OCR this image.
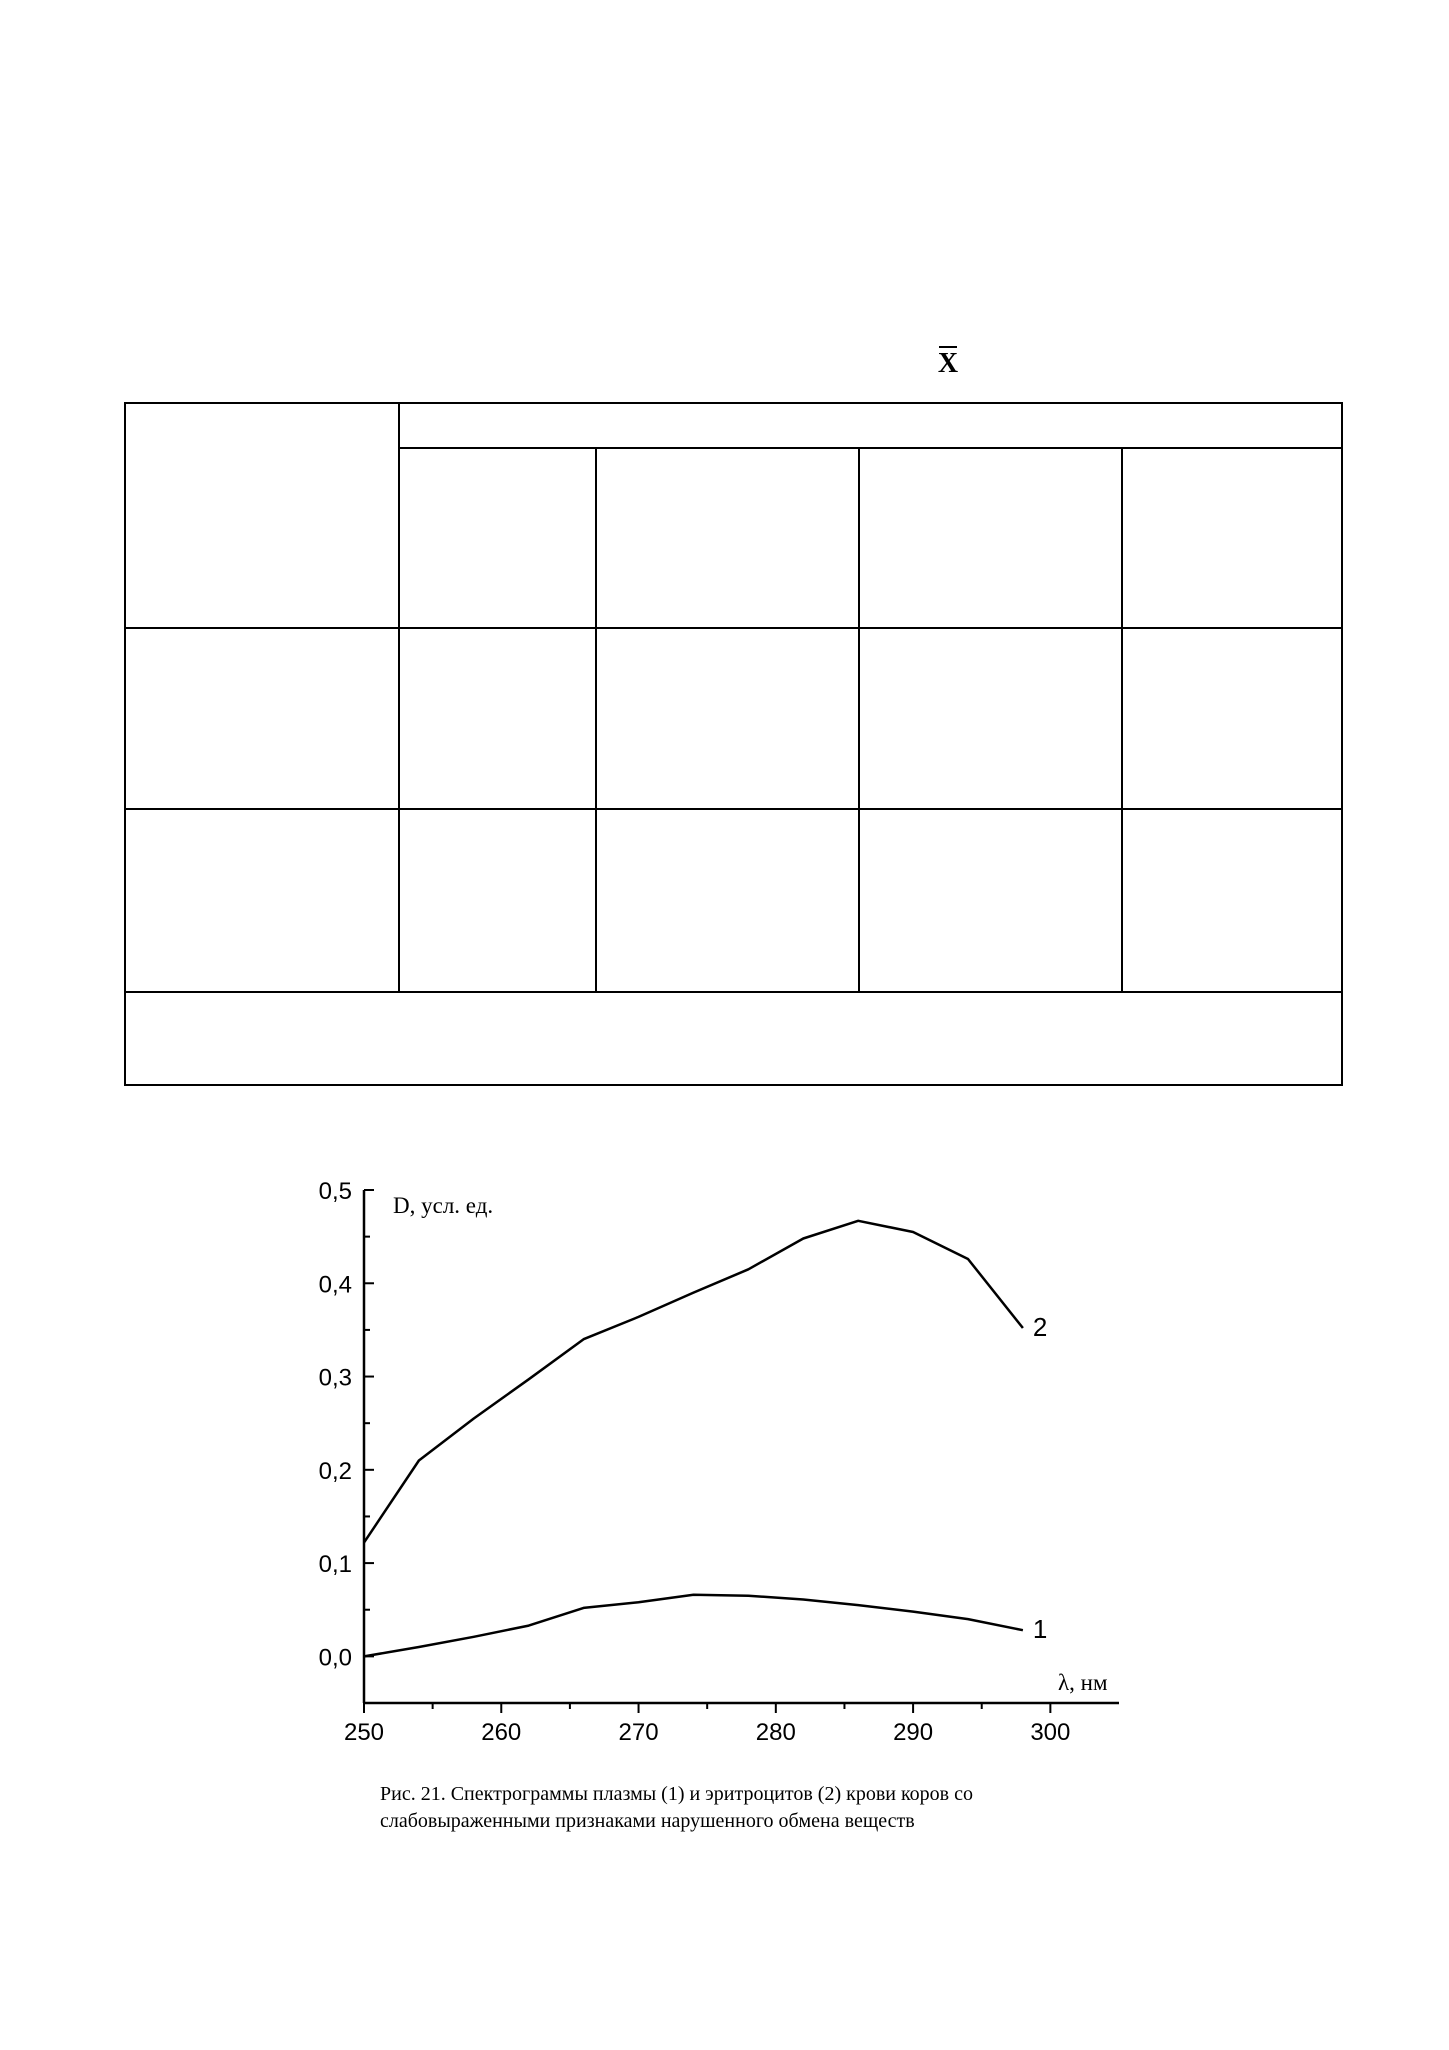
X

250	260	270	280	290	300
0,0
0,1
0,2
0,3
0,4
0,5
1
2
D, усл. ед.
λ, нм
Рис. 21. Спектрограммы плазмы (1) и эритроцитов (2) крови коров со
слабовыраженными признаками нарушенного обмена веществ
